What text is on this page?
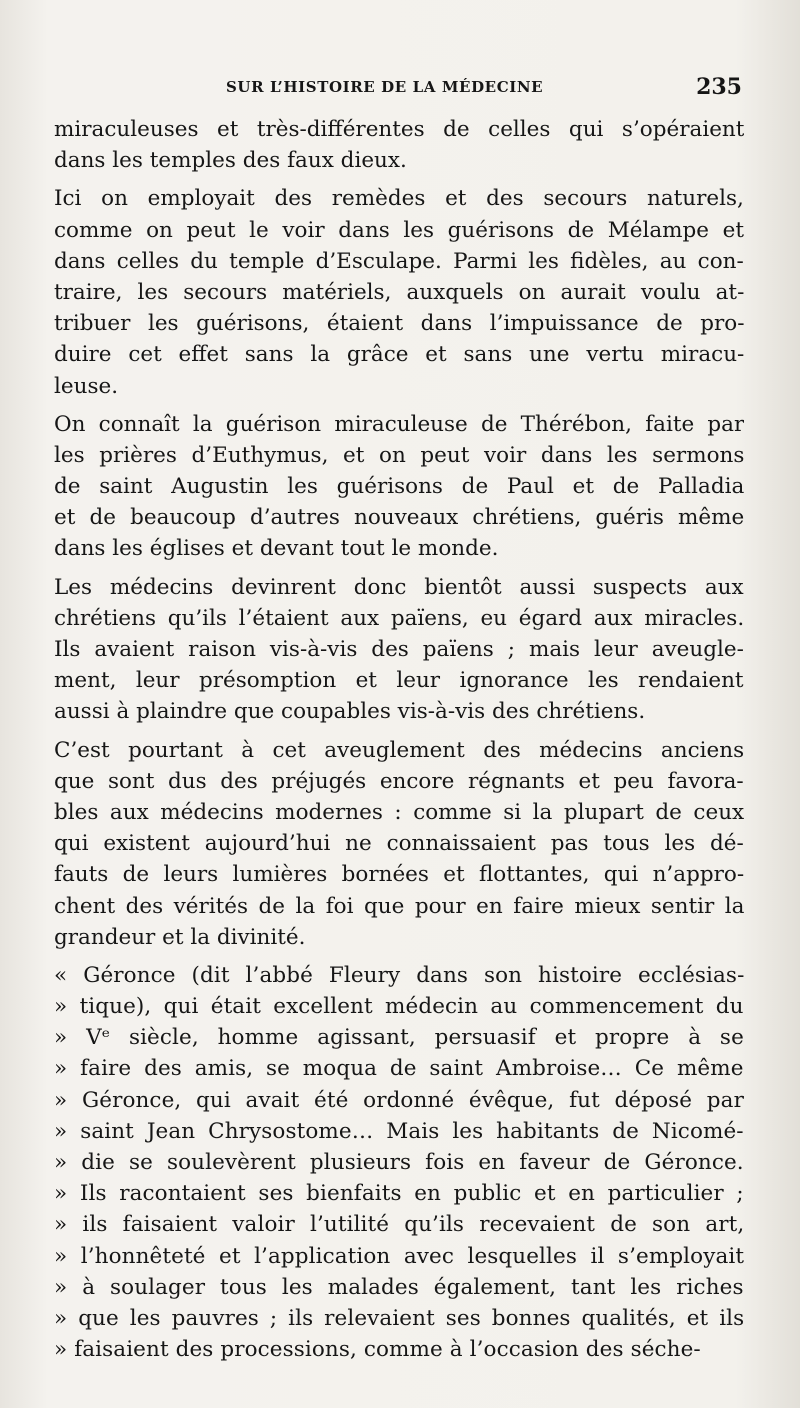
SUR L’HISTOIRE DE LA MÉDECINE	235
miraculeuses et très-différentes de celles qui s’opéraient
dans les temples des faux dieux.
Ici on employait des remèdes et des secours naturels,
comme on peut le voir dans les guérisons de Mélampe et
dans celles du temple d’Esculape. Parmi les fidèles, au con-
traire, les secours matériels, auxquels on aurait voulu at-
tribuer les guérisons, étaient dans l’impuissance de pro-
duire cet effet sans la grâce et sans une vertu miracu-
leuse.
On connaît la guérison miraculeuse de Thérébon, faite par
les prières d’Euthymus, et on peut voir dans les sermons
de saint Augustin les guérisons de Paul et de Palladia
et de beaucoup d’autres nouveaux chrétiens, guéris même
dans les églises et devant tout le monde.
Les médecins devinrent donc bientôt aussi suspects aux
chrétiens qu’ils l’étaient aux païens, eu égard aux miracles.
Ils avaient raison vis-à-vis des païens ; mais leur aveugle-
ment, leur présomption et leur ignorance les rendaient
aussi à plaindre que coupables vis-à-vis des chrétiens.
C’est pourtant à cet aveuglement des médecins anciens
que sont dus des préjugés encore régnants et peu favora-
bles aux médecins modernes : comme si la plupart de ceux
qui existent aujourd’hui ne connaissaient pas tous les dé-
fauts de leurs lumières bornées et flottantes, qui n’appro-
chent des vérités de la foi que pour en faire mieux sentir la
grandeur et la divinité.
« Géronce (dit l’abbé Fleury dans son histoire ecclésias-
» tique), qui était excellent médecin au commencement du
» Vᵉ siècle, homme agissant, persuasif et propre à se
» faire des amis, se moqua de saint Ambroise… Ce même
» Géronce, qui avait été ordonné évêque, fut déposé par
» saint Jean Chrysostome… Mais les habitants de Nicomé-
» die se soulevèrent plusieurs fois en faveur de Géronce.
» Ils racontaient ses bienfaits en public et en particulier ;
» ils faisaient valoir l’utilité qu’ils recevaient de son art,
» l’honnêteté et l’application avec lesquelles il s’employait
» à soulager tous les malades également, tant les riches
» que les pauvres ; ils relevaient ses bonnes qualités, et ils
» faisaient des processions, comme à l’occasion des séche-
